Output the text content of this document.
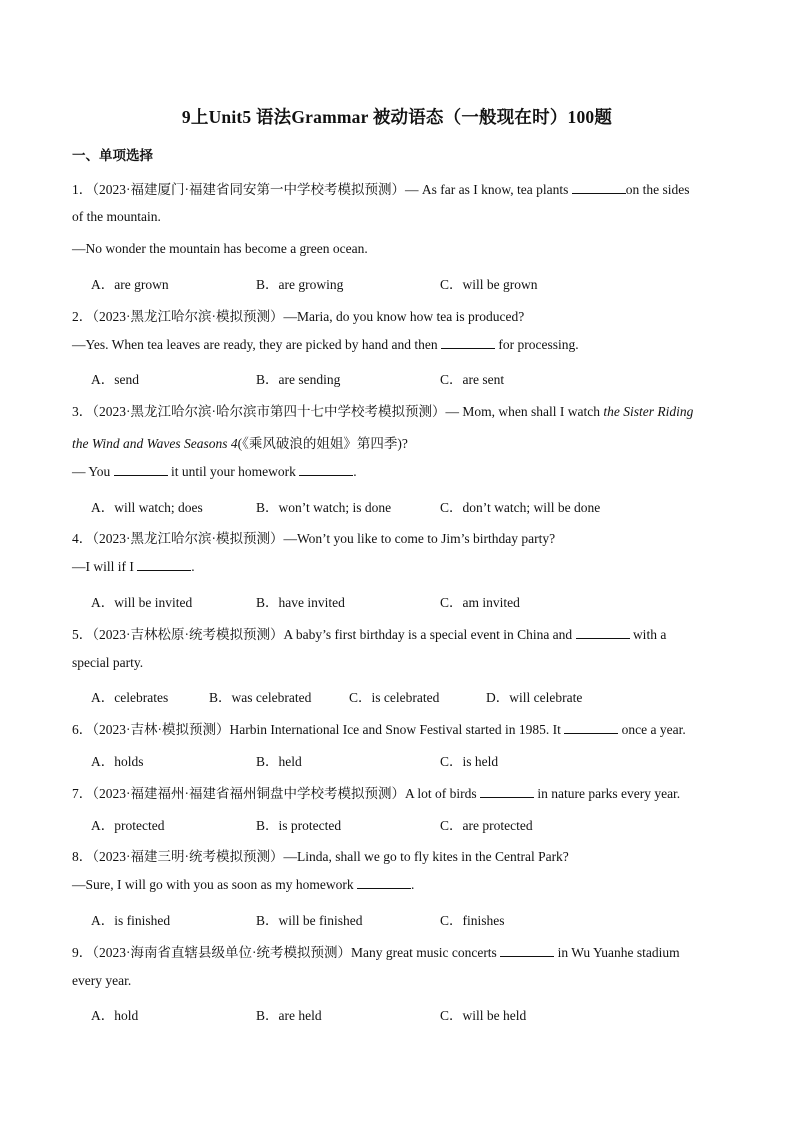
9上Unit5 语法Grammar 被动语态（一般现在时）100题
一、单项选择
1．（2023·福建厦门·福建省同安第一中学校考模拟预测）— As far as I know, tea plants	on the sides
of the mountain.
—No wonder the mountain has become a green ocean.
A．are grown	B．are growing	C．will be grown
2．（2023·黑龙江哈尔滨·模拟预测）—Maria, do you know how tea is produced?
—Yes. When tea leaves are ready, they are picked by hand and then	for processing.
A．send	B．are sending	C．are sent
3．（2023·黑龙江哈尔滨·哈尔滨市第四十七中学校考模拟预测）— Mom, when shall I watch the Sister Riding
the Wind and Waves Seasons 4(《乘风破浪的姐姐》第四季)?
— You	it until your homework	.
A．will watch; does	B．won’t watch; is done	C．don’t watch; will be done
4．（2023·黑龙江哈尔滨·模拟预测）—Won’t you like to come to Jim’s birthday party?
—I will if I	.
A．will be invited	B．have invited	C．am invited
5．（2023·吉林松原·统考模拟预测）A baby’s first birthday is a special event in China and	with a
special party.
A．celebrates	B．was celebrated	C．is celebrated	D．will celebrate
6．（2023·吉林·模拟预测）Harbin International Ice and Snow Festival started in 1985. It	once a year.
A．holds	B．held	C．is held
7．（2023·福建福州·福建省福州铜盘中学校考模拟预测）A lot of birds	in nature parks every year.
A．protected	B．is protected	C．are protected
8．（2023·福建三明·统考模拟预测）—Linda, shall we go to fly kites in the Central Park?
—Sure, I will go with you as soon as my homework	.
A．is finished	B．will be finished	C．finishes
9．（2023·海南省直辖县级单位·统考模拟预测）Many great music concerts	in Wu Yuanhe stadium
every year.
A．hold	B．are held	C．will be held
